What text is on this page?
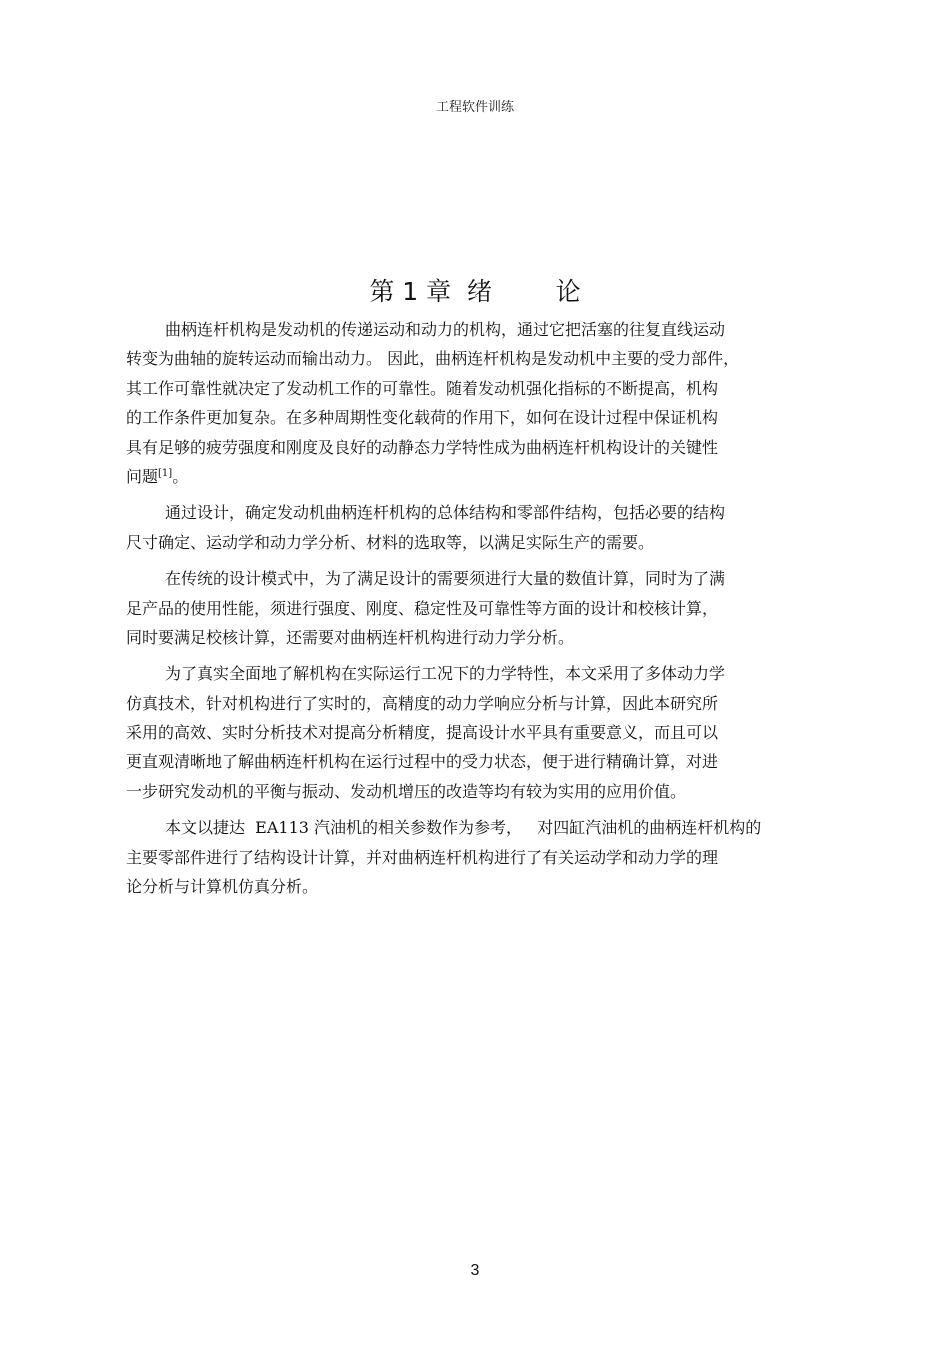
工程软件训练
第 1 章  绪        论
曲柄连杆机构是发动机的传递运动和动力的机构，通过它把活塞的往复直线运动
转变为曲轴的旋转运动而输出动力。 因此，曲柄连杆机构是发动机中主要的受力部件，
其工作可靠性就决定了发动机工作的可靠性。随着发动机强化指标的不断提高，机构
的工作条件更加复杂。在多种周期性变化载荷的作用下，如何在设计过程中保证机构
具有足够的疲劳强度和刚度及良好的动静态力学特性成为曲柄连杆机构设计的关键性
问题[1]。
通过设计，确定发动机曲柄连杆机构的总体结构和零部件结构，包括必要的结构
尺寸确定、运动学和动力学分析、材料的选取等，以满足实际生产的需要。
在传统的设计模式中，为了满足设计的需要须进行大量的数值计算，同时为了满
足产品的使用性能，须进行强度、刚度、稳定性及可靠性等方面的设计和校核计算，
同时要满足校核计算，还需要对曲柄连杆机构进行动力学分析。
为了真实全面地了解机构在实际运行工况下的力学特性，本文采用了多体动力学
仿真技术，针对机构进行了实时的，高精度的动力学响应分析与计算，因此本研究所
采用的高效、实时分析技术对提高分析精度，提高设计水平具有重要意义，而且可以
更直观清晰地了解曲柄连杆机构在运行过程中的受力状态，便于进行精确计算，对进
一步研究发动机的平衡与振动、发动机增压的改造等均有较为实用的应用价值。
本文以捷达  EA113 汽油机的相关参数作为参考，   对四缸汽油机的曲柄连杆机构的
主要零部件进行了结构设计计算，并对曲柄连杆机构进行了有关运动学和动力学的理
论分析与计算机仿真分析。
3
